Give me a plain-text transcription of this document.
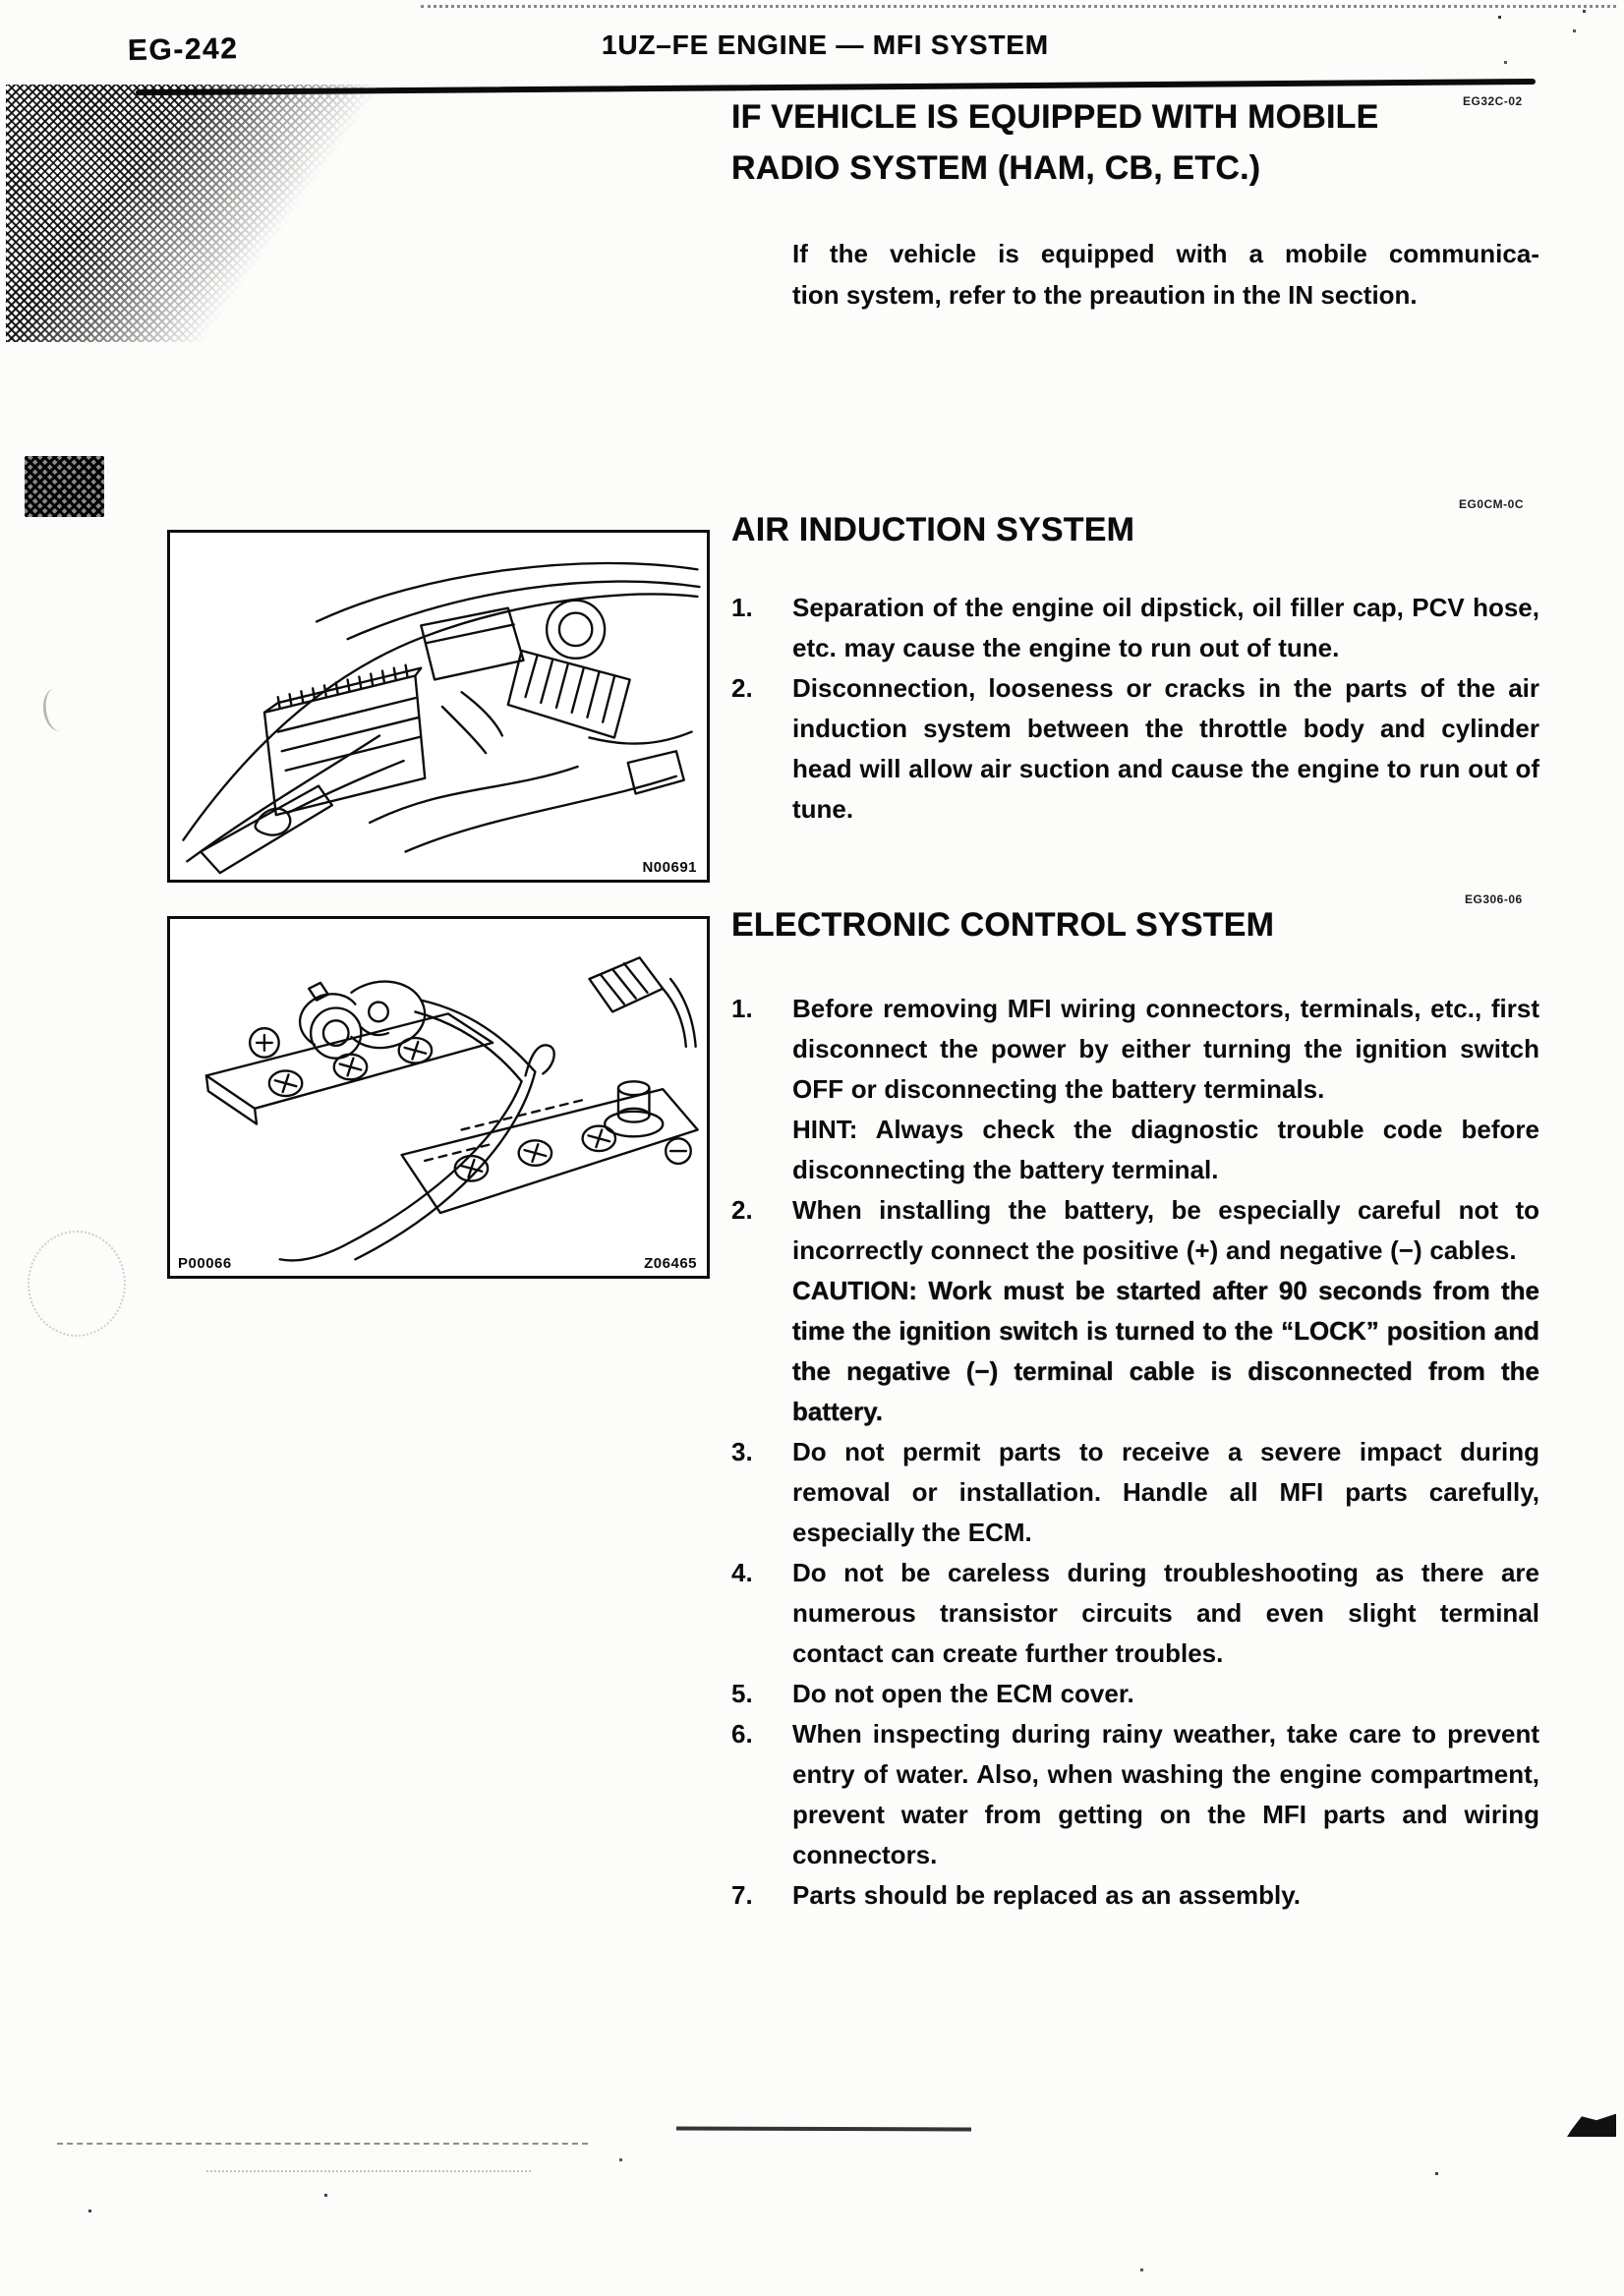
EG-242	1UZ–FE ENGINE — MFI SYSTEM
EG32C-02
IF VEHICLE IS EQUIPPED WITH MOBILE
RADIO SYSTEM (HAM, CB, ETC.)

If the vehicle is equipped with a mobile communica-

tion system, refer to the preaution in the IN section.

N00691
EG0CM-0C
AIR INDUCTION SYSTEM
1. Separation of the engine oil dipstick, oil filler cap, PCV hose, etc. may cause the engine to run out of tune.

2. Disconnection, looseness or cracks in the parts of the air induction system between the throttle body and cylinder head will allow air suction and cause the engine to run out of tune.

P00066	Z06465
EG306-06
ELECTRONIC CONTROL SYSTEM
1. Before removing MFI wiring connectors, terminals, etc., first disconnect the power by either turning the ignition switch OFF or disconnecting the battery terminals.

HINT: Always check the diagnostic trouble code before disconnecting the battery terminal.

2. When installing the battery, be especially careful not to incorrectly connect the positive (+) and negative (−) cables.

CAUTION: Work must be started after 90 seconds from the time the ignition switch is turned to the “LOCK” position and the negative (−) terminal cable is disconnected from the battery.

3. Do not permit parts to receive a severe impact during removal or installation. Handle all MFI parts carefully, especially the ECM.

4. Do not be careless during troubleshooting as there are numerous transistor circuits and even slight terminal contact can create further troubles.

5. Do not open the ECM cover.

6. When inspecting during rainy weather, take care to prevent entry of water. Also, when washing the engine compartment, prevent water from getting on the MFI parts and wiring connectors.

7. Parts should be replaced as an assembly.
